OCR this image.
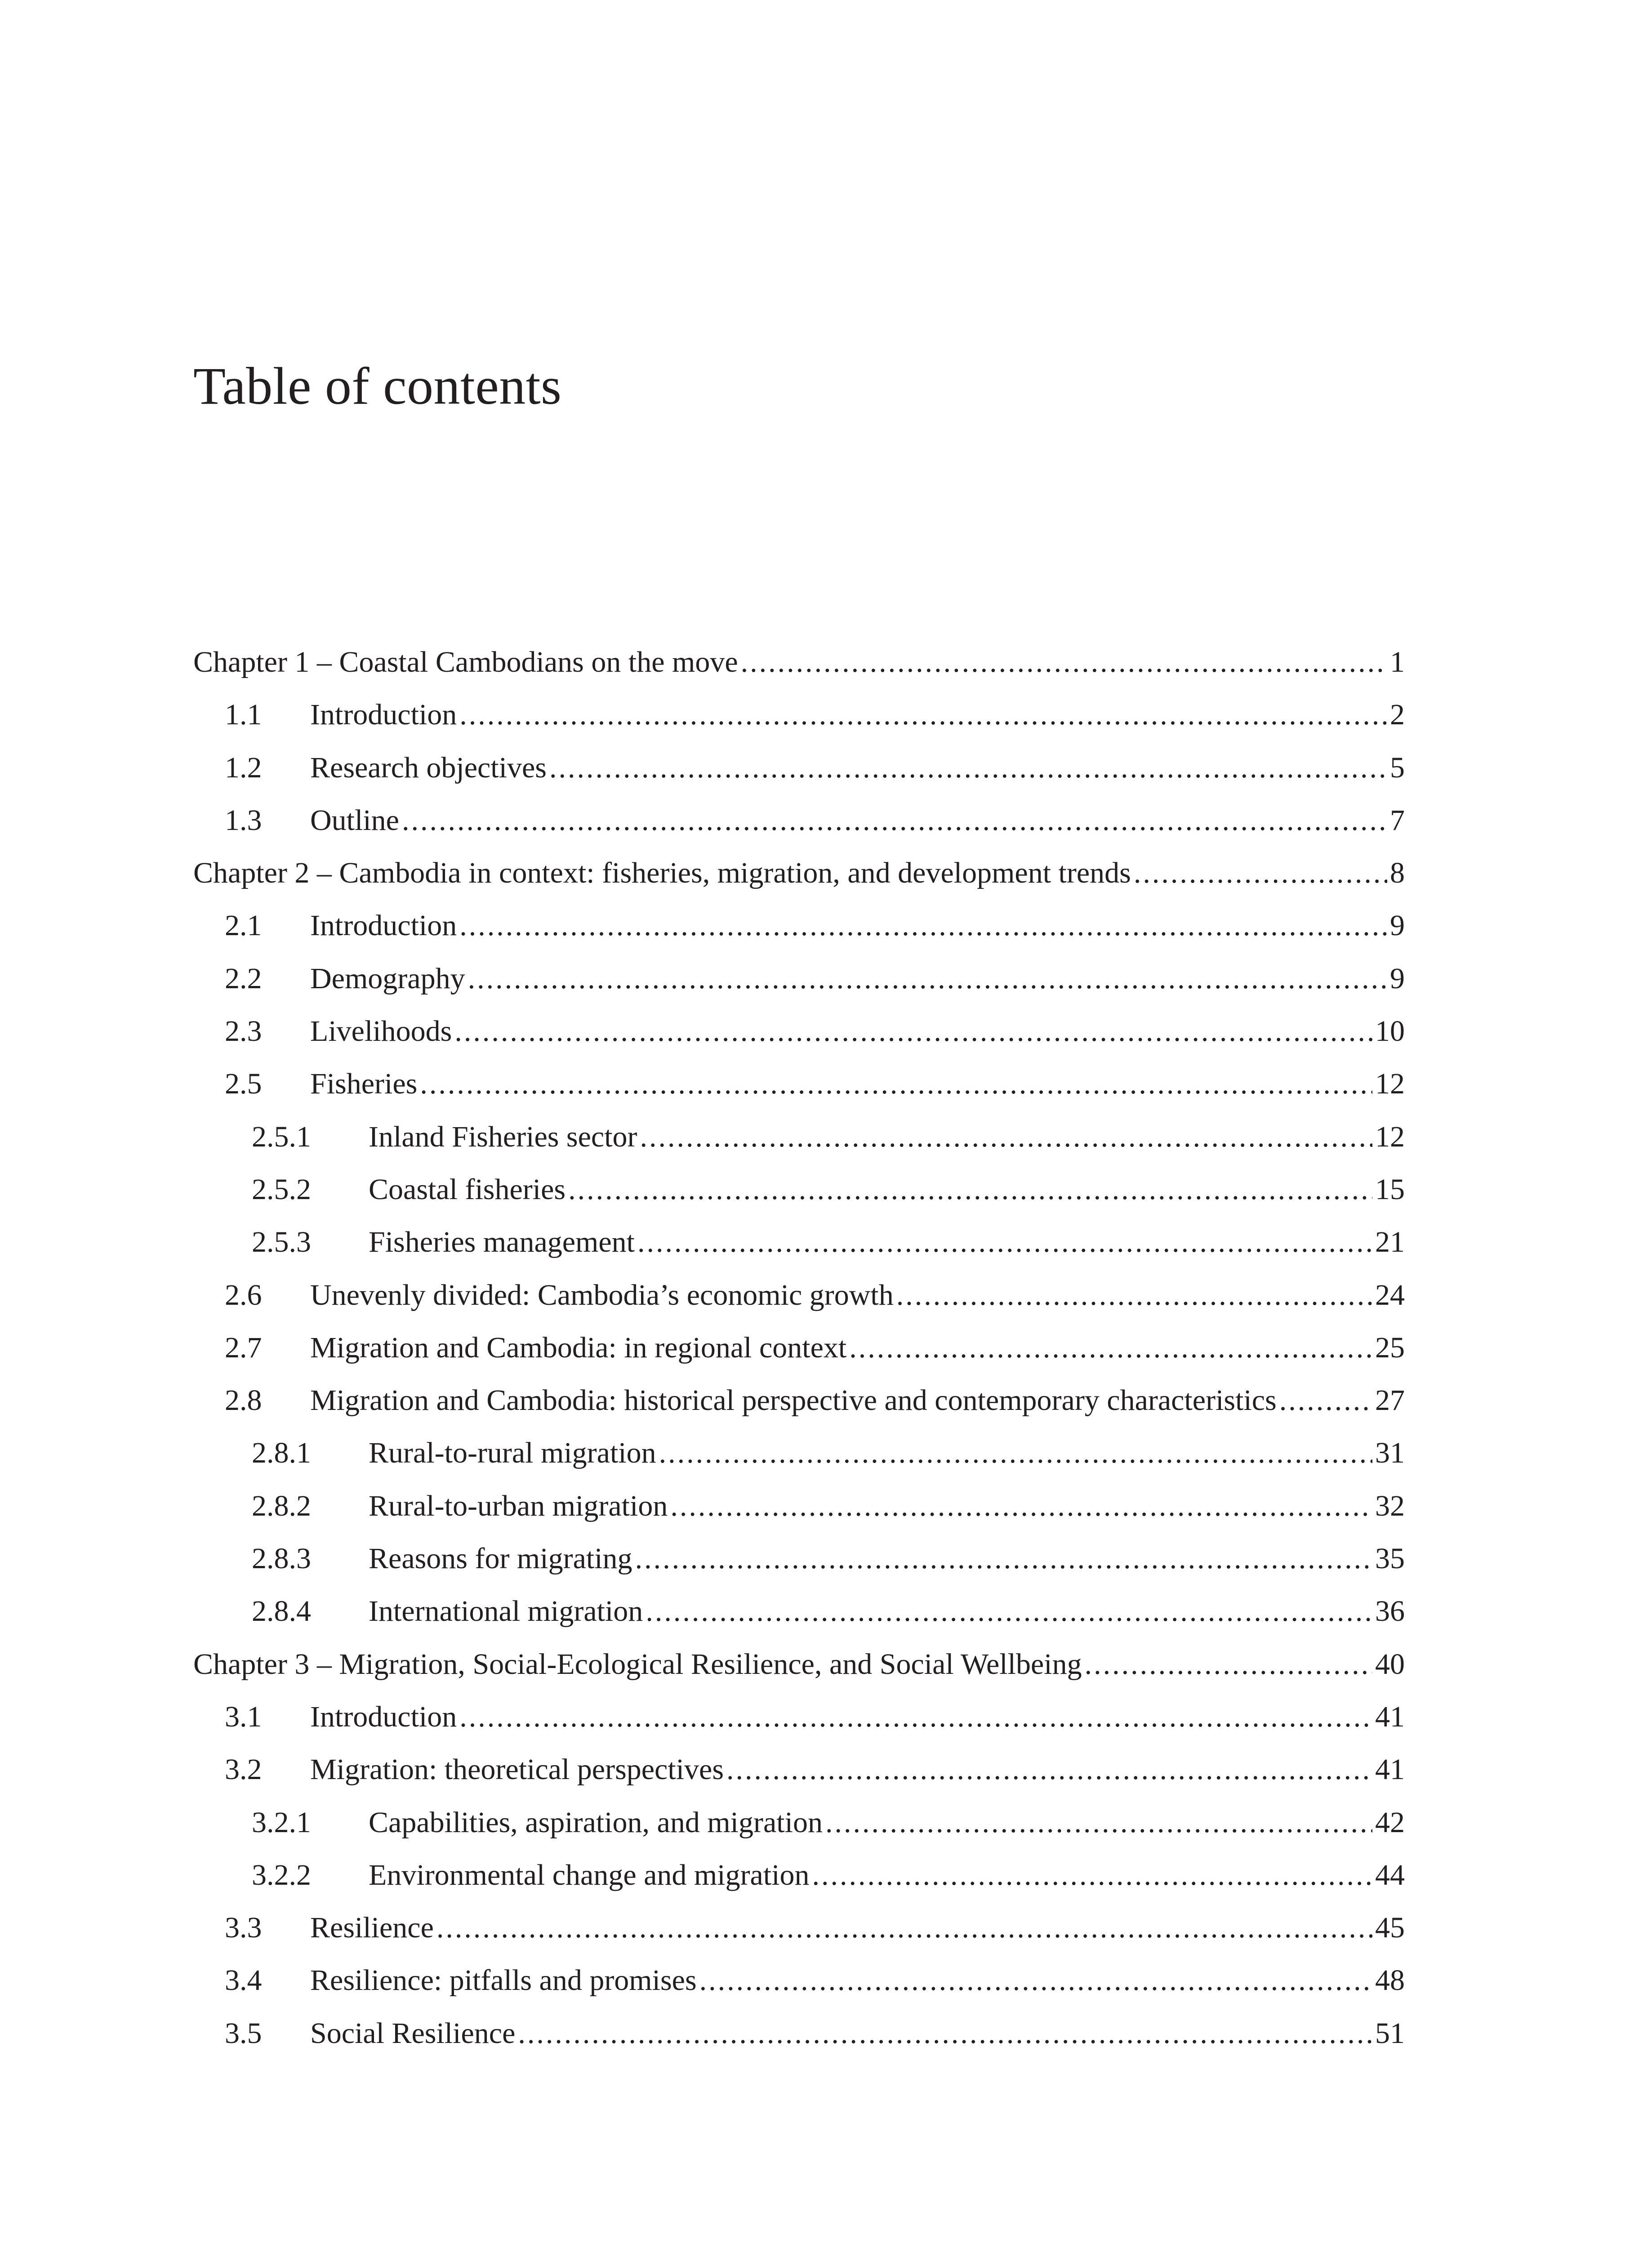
Table of contents
Chapter 1 – Coastal Cambodians on the move .....	1
1.1	Introduction .....	2
1.2	Research objectives .....	5
1.3	Outline .....	7
Chapter 2 – Cambodia in context: fisheries, migration, and development trends .....	8
2.1	Introduction .....	9
2.2	Demography .....	9
2.3	Livelihoods .....	10
2.5	Fisheries .....	12
2.5.1	Inland Fisheries sector .....	12
2.5.2	Coastal fisheries .....	15
2.5.3	Fisheries management .....	21
2.6	Unevenly divided: Cambodia’s economic growth .....	24
2.7	Migration and Cambodia: in regional context .....	25
2.8	Migration and Cambodia: historical perspective and contemporary characteristics .....	27
2.8.1	Rural-to-rural migration .....	31
2.8.2	Rural-to-urban migration .....	32
2.8.3	Reasons for migrating .....	35
2.8.4	International migration .....	36
Chapter 3 – Migration, Social-Ecological Resilience, and Social Wellbeing .....	40
3.1	Introduction .....	41
3.2	Migration: theoretical perspectives .....	41
3.2.1	Capabilities, aspiration, and migration .....	42
3.2.2	Environmental change and migration .....	44
3.3	Resilience .....	45
3.4	Resilience: pitfalls and promises .....	48
3.5	Social Resilience .....	51
